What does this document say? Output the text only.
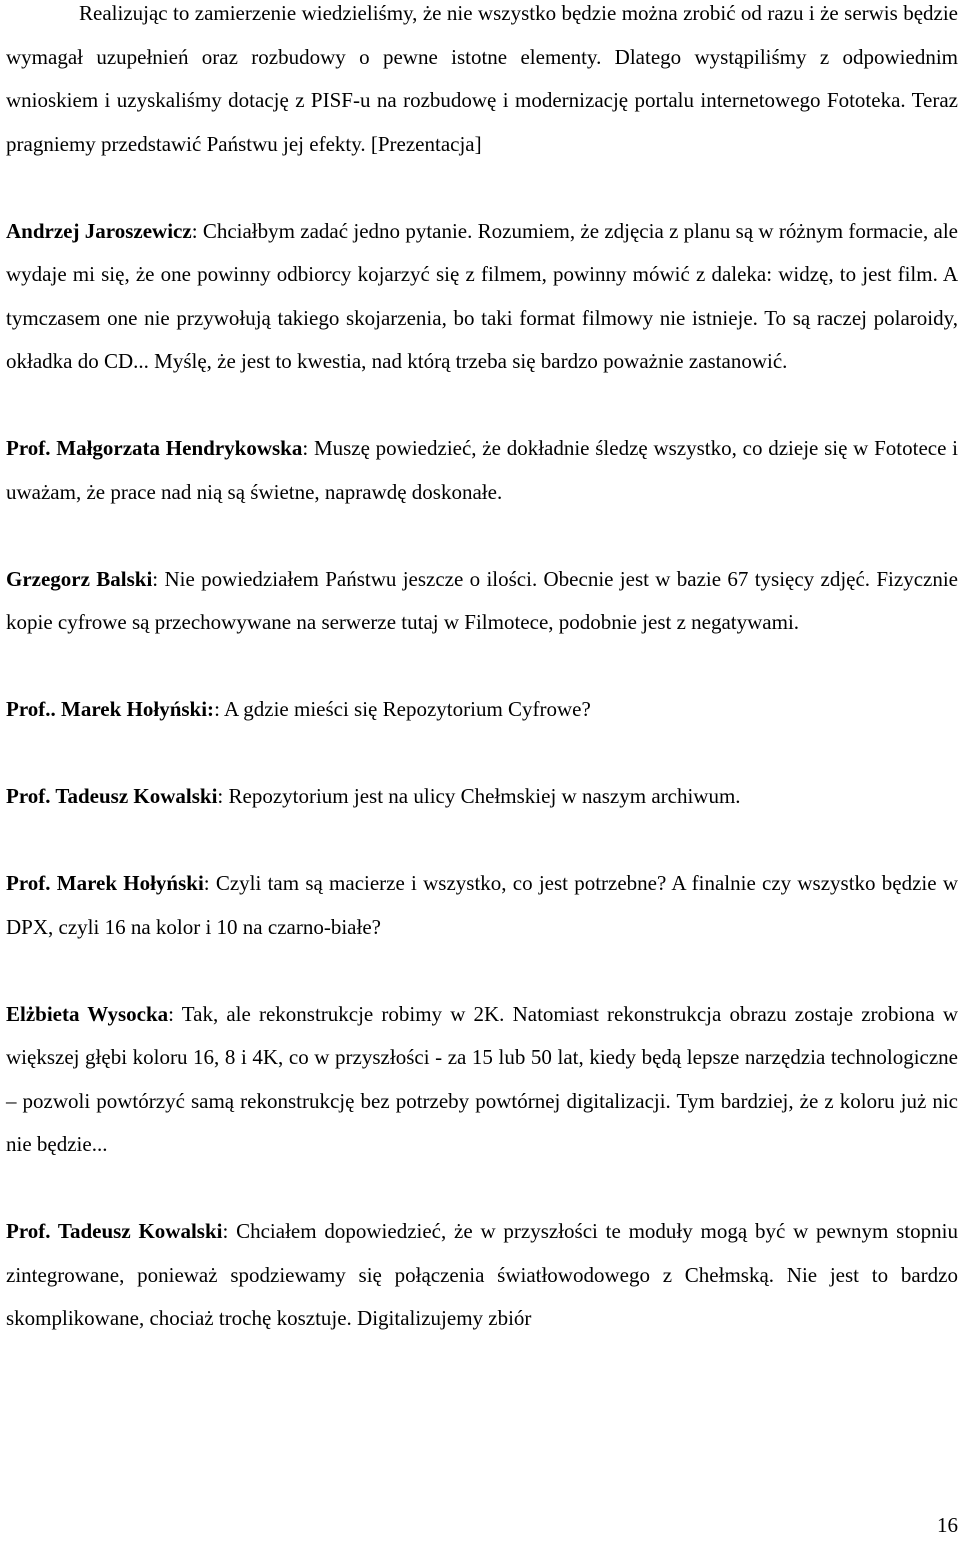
Realizując to zamierzenie wiedzieliśmy, że nie wszystko będzie można zrobić od razu i że serwis będzie wymagał uzupełnień oraz rozbudowy o pewne istotne elementy. Dlatego wystąpiliśmy z odpowiednim wnioskiem i uzyskaliśmy dotację z PISF-u na rozbudowę i modernizację portalu internetowego Fototeka. Teraz pragniemy przedstawić Państwu jej efekty. [Prezentacja]

Andrzej Jaroszewicz: Chciałbym zadać jedno pytanie. Rozumiem, że zdjęcia z planu są w różnym formacie, ale wydaje mi się, że one powinny odbiorcy kojarzyć się z filmem, powinny mówić z daleka: widzę, to jest film. A tymczasem one nie przywołują takiego skojarzenia, bo taki format filmowy nie istnieje. To są raczej polaroidy, okładka do CD... Myślę, że jest to kwestia, nad którą trzeba się bardzo poważnie zastanowić.

Prof. Małgorzata Hendrykowska: Muszę powiedzieć, że dokładnie śledzę wszystko, co dzieje się w Fototece i uważam, że prace nad nią są świetne, naprawdę doskonałe.

Grzegorz Balski: Nie powiedziałem Państwu jeszcze o ilości. Obecnie jest w bazie 67 tysięcy zdjęć. Fizycznie kopie cyfrowe są przechowywane na serwerze tutaj w Filmotece, podobnie jest z negatywami.

Prof.. Marek Hołyński:: A gdzie mieści się Repozytorium Cyfrowe?

Prof. Tadeusz Kowalski: Repozytorium jest na ulicy Chełmskiej w naszym archiwum.

Prof. Marek Hołyński: Czyli tam są macierze i wszystko, co jest potrzebne? A finalnie czy wszystko będzie w DPX, czyli 16 na kolor i 10 na czarno-białe?

Elżbieta Wysocka: Tak, ale rekonstrukcje robimy w 2K. Natomiast rekonstrukcja obrazu zostaje zrobiona w większej głębi koloru 16, 8 i 4K, co w przyszłości - za 15 lub 50 lat, kiedy będą lepsze narzędzia technologiczne – pozwoli powtórzyć samą rekonstrukcję bez potrzeby powtórnej digitalizacji. Tym bardziej, że z koloru już nic nie będzie...

Prof. Tadeusz Kowalski: Chciałem dopowiedzieć, że w przyszłości te moduły mogą być w pewnym stopniu zintegrowane, ponieważ spodziewamy się połączenia światłowodowego z Chełmską. Nie jest to bardzo skomplikowane, chociaż trochę kosztuje. Digitalizujemy zbiór

16
